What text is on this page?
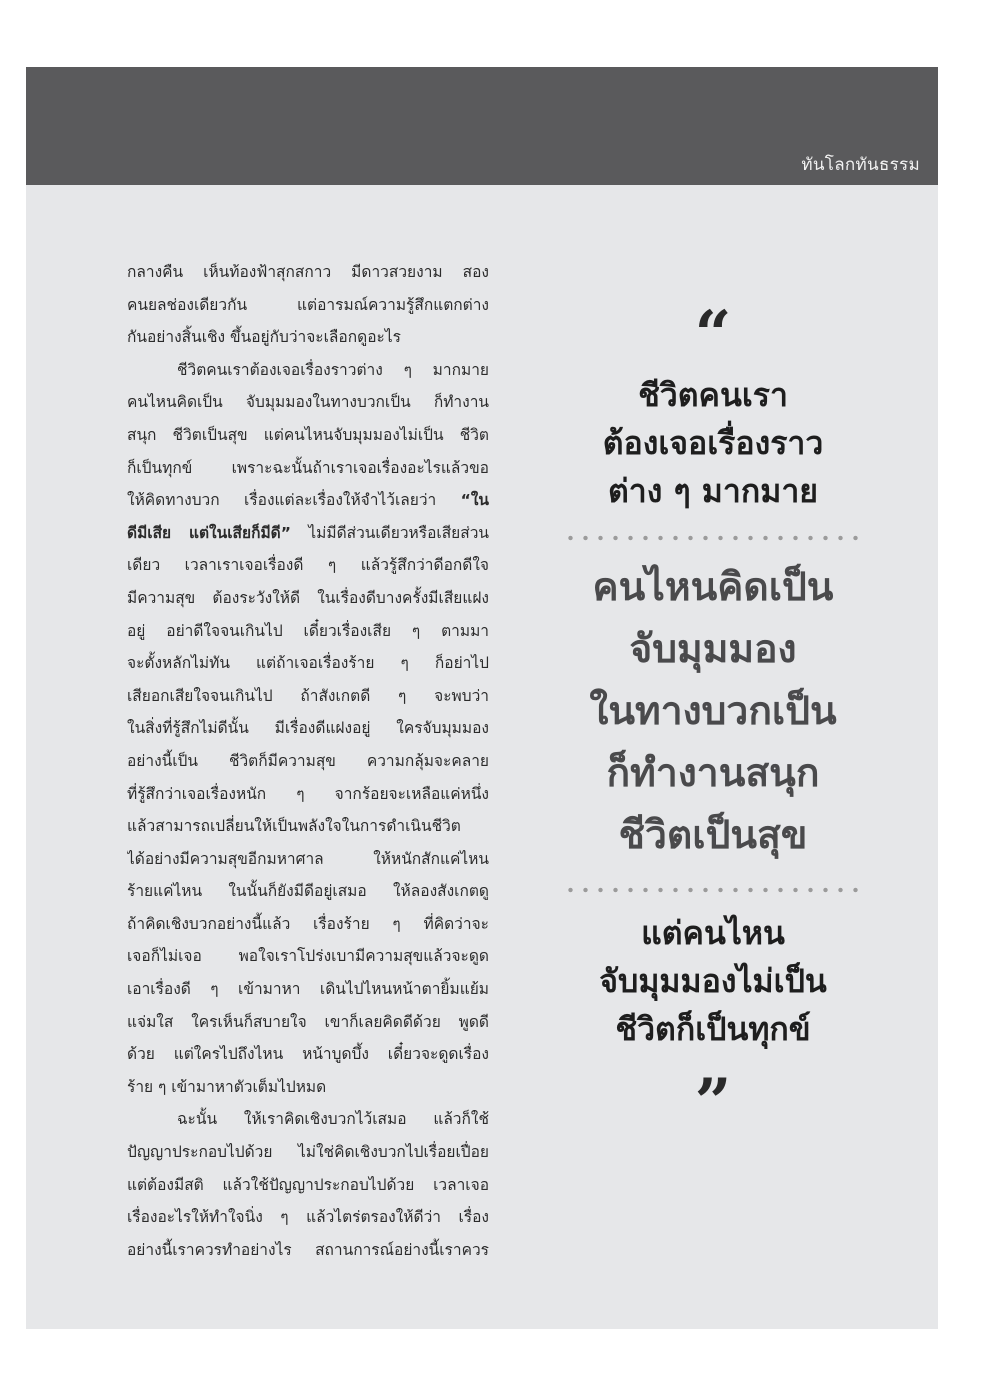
ทันโลกทันธรรม
กลางคืน เห็นท้องฟ้าสุกสกาว มีดาวสวยงาม สอง
คนยลช่องเดียวกัน แต่อารมณ์ความรู้สึกแตกต่าง
กันอย่างสิ้นเชิง ขึ้นอยู่กับว่าจะเลือกดูอะไร
ชีวิตคนเราต้องเจอเรื่องราวต่าง ๆ มากมาย
คนไหนคิดเป็น จับมุมมองในทางบวกเป็น ก็ทำงาน
สนุก ชีวิตเป็นสุข แต่คนไหนจับมุมมองไม่เป็น ชีวิต
ก็เป็นทุกข์ เพราะฉะนั้นถ้าเราเจอเรื่องอะไรแล้วขอ
ให้คิดทางบวก เรื่องแต่ละเรื่องให้จำไว้เลยว่า “ใน
ดีมีเสีย แต่ในเสียก็มีดี” ไม่มีดีส่วนเดียวหรือเสียส่วน
เดียว เวลาเราเจอเรื่องดี ๆ แล้วรู้สึกว่าดีอกดีใจ
มีความสุข ต้องระวังให้ดี ในเรื่องดีบางครั้งมีเสียแฝง
อยู่ อย่าดีใจจนเกินไป เดี๋ยวเรื่องเสีย ๆ ตามมา
จะตั้งหลักไม่ทัน แต่ถ้าเจอเรื่องร้าย ๆ ก็อย่าไป
เสียอกเสียใจจนเกินไป ถ้าสังเกตดี ๆ จะพบว่า
ในสิ่งที่รู้สึกไม่ดีนั้น มีเรื่องดีแฝงอยู่ ใครจับมุมมอง
อย่างนี้เป็น ชีวิตก็มีความสุข ความกลุ้มจะคลาย
ที่รู้สึกว่าเจอเรื่องหนัก ๆ จากร้อยจะเหลือแค่หนึ่ง
แล้วสามารถเปลี่ยนให้เป็นพลังใจในการดำเนินชีวิต
ได้อย่างมีความสุขอีกมหาศาล ให้หนักสักแค่ไหน
ร้ายแค่ไหน ในนั้นก็ยังมีดีอยู่เสมอ ให้ลองสังเกตดู
ถ้าคิดเชิงบวกอย่างนี้แล้ว เรื่องร้าย ๆ ที่คิดว่าจะ
เจอก็ไม่เจอ พอใจเราโปร่งเบามีความสุขแล้วจะดูด
เอาเรื่องดี ๆ เข้ามาหา เดินไปไหนหน้าตายิ้มแย้ม
แจ่มใส ใครเห็นก็สบายใจ เขาก็เลยคิดดีด้วย พูดดี
ด้วย แต่ใครไปถึงไหน หน้าบูดบึ้ง เดี๋ยวจะดูดเรื่อง
ร้าย ๆ เข้ามาหาตัวเต็มไปหมด
ฉะนั้น ให้เราคิดเชิงบวกไว้เสมอ แล้วก็ใช้
ปัญญาประกอบไปด้วย ไม่ใช่คิดเชิงบวกไปเรื่อยเปื่อย
แต่ต้องมีสติ แล้วใช้ปัญญาประกอบไปด้วย เวลาเจอ
เรื่องอะไรให้ทำใจนิ่ง ๆ แล้วไตร่ตรองให้ดีว่า เรื่อง
อย่างนี้เราควรทำอย่างไร สถานการณ์อย่างนี้เราควร
“
ชีวิตคนเรา
ต้องเจอเรื่องราว
ต่าง ๆ มากมาย
คนไหนคิดเป็น
จับมุมมอง
ในทางบวกเป็น
ก็ทำงานสนุก
ชีวิตเป็นสุข
แต่คนไหน
จับมุมมองไม่เป็น
ชีวิตก็เป็นทุกข์
”
